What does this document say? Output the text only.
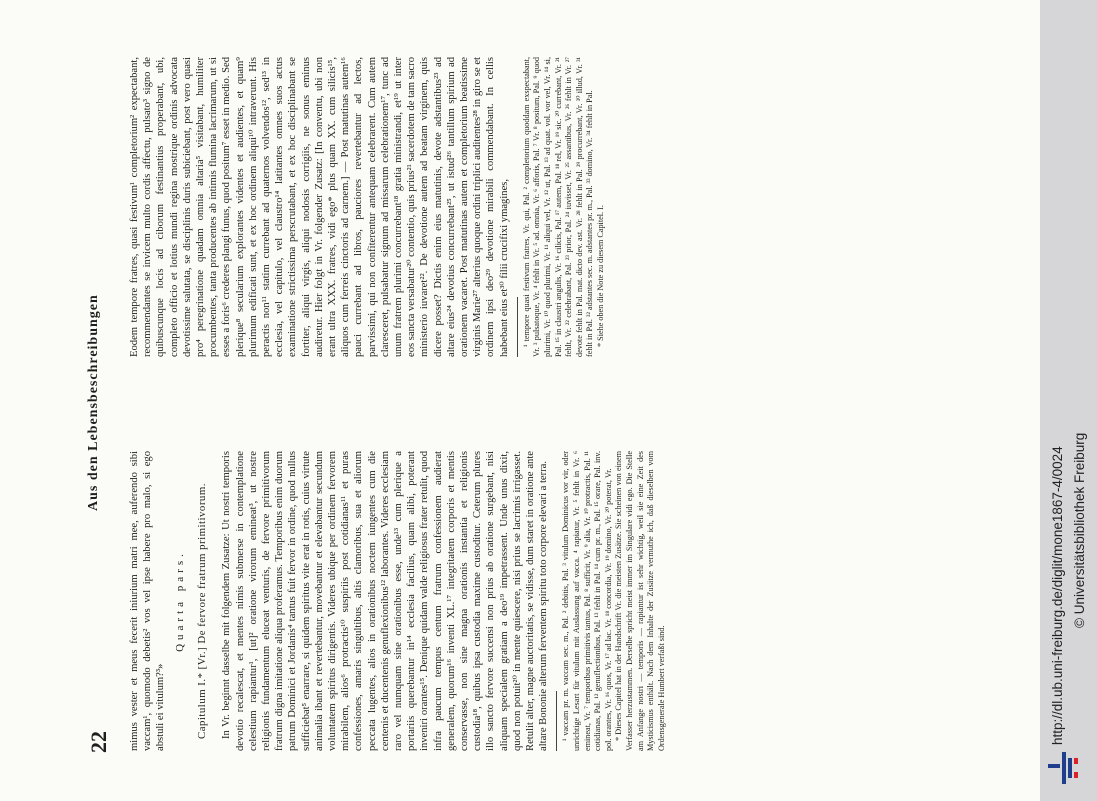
22
Aus den Lebensbeschreibungen

mimus vester et meus fecerit iniurium matri mee, auferendo sibi vaccam¹, quomodo debetis² vos vel ipse habere pro malo, si ego abstuli ei vitulum?³»

Quarta pars. Capitulum I.* [Vr.] De fervore fratrum primitivorum. In Vr. beginnt dasselbe mit folgendem Zusatze: Ut nostri temporis devotio recalescat, et mentes nimis submerse in contemplatione celestium rapiantur¹, [ut]² oratione virorum emineat³, ut nostre religionis fundamentum eluceat venturis, de fervore primitivorum fratrum digna imitatione aliqua proferamus. Temporibus enim duorum patrum Dominici et Jordanis⁴ tantus fuit fervor in ordine, quod nullus sufficiebat⁵ enarrare, si quidem spiritus vite erat in rotis, cuius virtute animalia ibant et revertebantur, movebantur et elevabantur secundum voluntatem spiritus dirigentis. Videres ubique per ordinem fervorem mirabilem, alios⁶ protractis¹⁰ suspiriis post cotidianas¹¹ et puras confessiones, amaris singultibus, altis clamoribus, sua et aliorum peccata lugentes, alios in orationibus noctem iungentes cum die centenis et ducentenis genuflexionibus¹² laborantes. Videres ecclesiam raro vel numquam sine orationibus esse, unde¹³ cum plerique a portariis querebantur in¹⁴ ecclesia facilius, quam alibi, poterant inveniri orantes¹⁵. Denique quidam valde religiosus frater retulit, quod infra paucum tempus centum fratrum confessionem audierat generalem, quorum¹⁶ inventi XL.¹⁷ integritatem corporis et mentis conservasse, non sine magna orationis instantia et religionis custodia¹⁸, quibus ipsa custodia maxime custoditur. Ceterum plures illo sancto fervore succensi non prius ab oratione surgebant, nisi aliquam specialem gratiam a deo¹⁹ impetrassent. Unde unus dixit, quod non potuit²⁰ in mente quiescere, nisi prius se lacrimis irrigasset. Retulit alter, magne auctoritatis, se vidisse, dum staret in oratione ante altare Bononie alterum ferventem spiritu toto corpore elevari a terra. ¹ vaccam pr. m. vaccam sec. m., Pal. ² debitis, Pal. ³ vitulum Dominicus vor vir, oder unrichtige Lesart für vitulum mit Auslassung auf vacca. ⁴ rapiatur, Vr. ⁵ fehlt in Vr. ⁶ emineat, Vr. ⁷ temporibus primitivis tantus, Pal. ⁸ sufficit, Vr. ⁹ alia, Vr. ¹⁰ protractis, Pal. ¹¹ cotidianas, Pal. ¹² genuflectionibus, Pal. ¹³ fehlt in Pal. ¹⁴ cum pr. m., Pal. ¹⁵ orare, Pal. inv. pol. orantes, Vr. ¹⁶ quos, Vr. ¹⁷ ad lac. Vr. ¹⁸ concordia, Vr. ¹⁹ domino, Vr. ²⁰ poterat, Vr. * Dieses Capitel hat in der Handschrift Vr. die meisten Zusätze. Sie scheinen von einem Verfasser herzustammen. Derselbe spricht meist immer im Singulare vidi ego. Die Stelle am Anfange nostri — temporis — rapiantur ist sehr wichtig, weil sie eine Zeit des Mysticismus enthält. Nach dem Inhalte der Zusätze vermuthe ich, daß dieselben vom Ordensgenerale Humbert verfaßt sind.

Eodem tempore fratres, quasi festivum¹ completorium² expectabant, recommendantes se invicem multo cordis affectu, pulsato³ signo de quibuscunque locis ad ciborum festinantius properabant, ubi, completo officio et lotius mundi regina mostrique ordinis advocata devotissime salutata, se disciplinis duris subiciebant, post vero quasi pro⁴ peregrinatione quadam omnia altaria⁵ visitabant, humiliter procumbentes, tanta producentes ab intimis flumina lacrimarum, ut si esses a foris⁶ crederes plangi funus, quod positum⁷ esset in medio. Sed plerique⁸ secularium explorantes videntes et audientes, et quam⁹ plurimum edificati sunt, et ex hoc ordinem aliqui¹⁰ intraverunt. His peractis non¹¹ statim currebant ad quaternos volvendos¹², sed¹³ in ecclesia, vel capitulo, vel claustro¹⁴ latitantes omnes suos actus examinatione strictissima perscrutabant, et ex hoc disciplinabant se fortiter, aliqui virgis, aliqui nodosis corrigiis, ne sonus eminus audiretur. Hier folgt in Vr. folgender Zusatz: [In conventu, ubi non erant ultra XXX. fratres, vidi ego* plus quam XX. cum silicis¹⁵, aliquos cum ferreis cinctoris ad carnem.] — Post matutinas autem¹⁶ pauci currebant ad libros, pauciores revertebantur ad lectos, parvissimi, qui non confiterentur antequam celebrarent. Cum autem claresceret, pulsabatur signum ad missarum celebrationem¹⁷, tunc ad unum fratrem plurimi concurrebant¹⁸ gratia ministrandi, et¹⁹ ut inter eos sancta versabatur²⁰ contentio, quis prius²¹ sacerdotem de tam sacro ministerio iuvaret²². De devotione autem ad beatam virginem, quis dicere posset? Dictis enim eius matutinis, devote adstantibus²³ ad altare eius²⁴ devotius concurrebant²⁵, ut istud²⁶ tantillum spirium ad orationem vacaret. Post matutinas autem et completorium beatissime virginis Marie²⁷ alterius quoque ordini triplici auditentes²⁸ in giro se et ordinem ipsi deo²⁹ devotione mirabili commendabant. In cellis habebant eius et³⁰ filii crucifixi ymagines, ¹ tempore quasi festivum fratres, Vr. qui, Pal. ² completorium quoddam exspectabant, Vr. ³ pulsatoque, Vr. ⁴ fehlt in Vr. ⁵ ad. omnia, Vr. ⁶ afforis, Pal. ⁷ Vr. ⁸ positum, Pal. ⁹ quod plurimi, Vr. ¹⁰ quod plurimi, Vr. ¹¹ aliqui vel, Vr. ¹² ut, Pal. ¹³ ad quat. vol. vor vel, Vr. ¹⁴ si, Pal. ¹⁵ in claustri angulis, Vr. ¹⁶ cilicis, Pal. ¹⁷ autem, Pal. ¹⁸ rel, Vr. ¹⁹ sic. ²⁰ currebant, Vr. ²¹ fehlt, Vr. ²² celebrabant, Pal. ²³ prior, Pal. ²⁴ iuvisset, Vr. ²⁵ assantibus, Vr. ²⁶ fehlt in Vr. ²⁷ devote fehlt in Pal. mat. dicto dev. ast. Vr. ²⁸ fehlt in Pal. ²⁹ procurrebant, Vr. ³⁰ illud, Vr. ³¹ fehlt in Pal. ³² adstantes sec. m. adstantes pr. m., Pal. ³³ domino, Vr. ³⁴ fehlt in Pal. * Siehe oben die Note zu diesem Capitel. I.

http://dl.ub.uni-freiburg.de/diglit/mone1867-4/0024 © Universitätsbibliothek Freiburg
